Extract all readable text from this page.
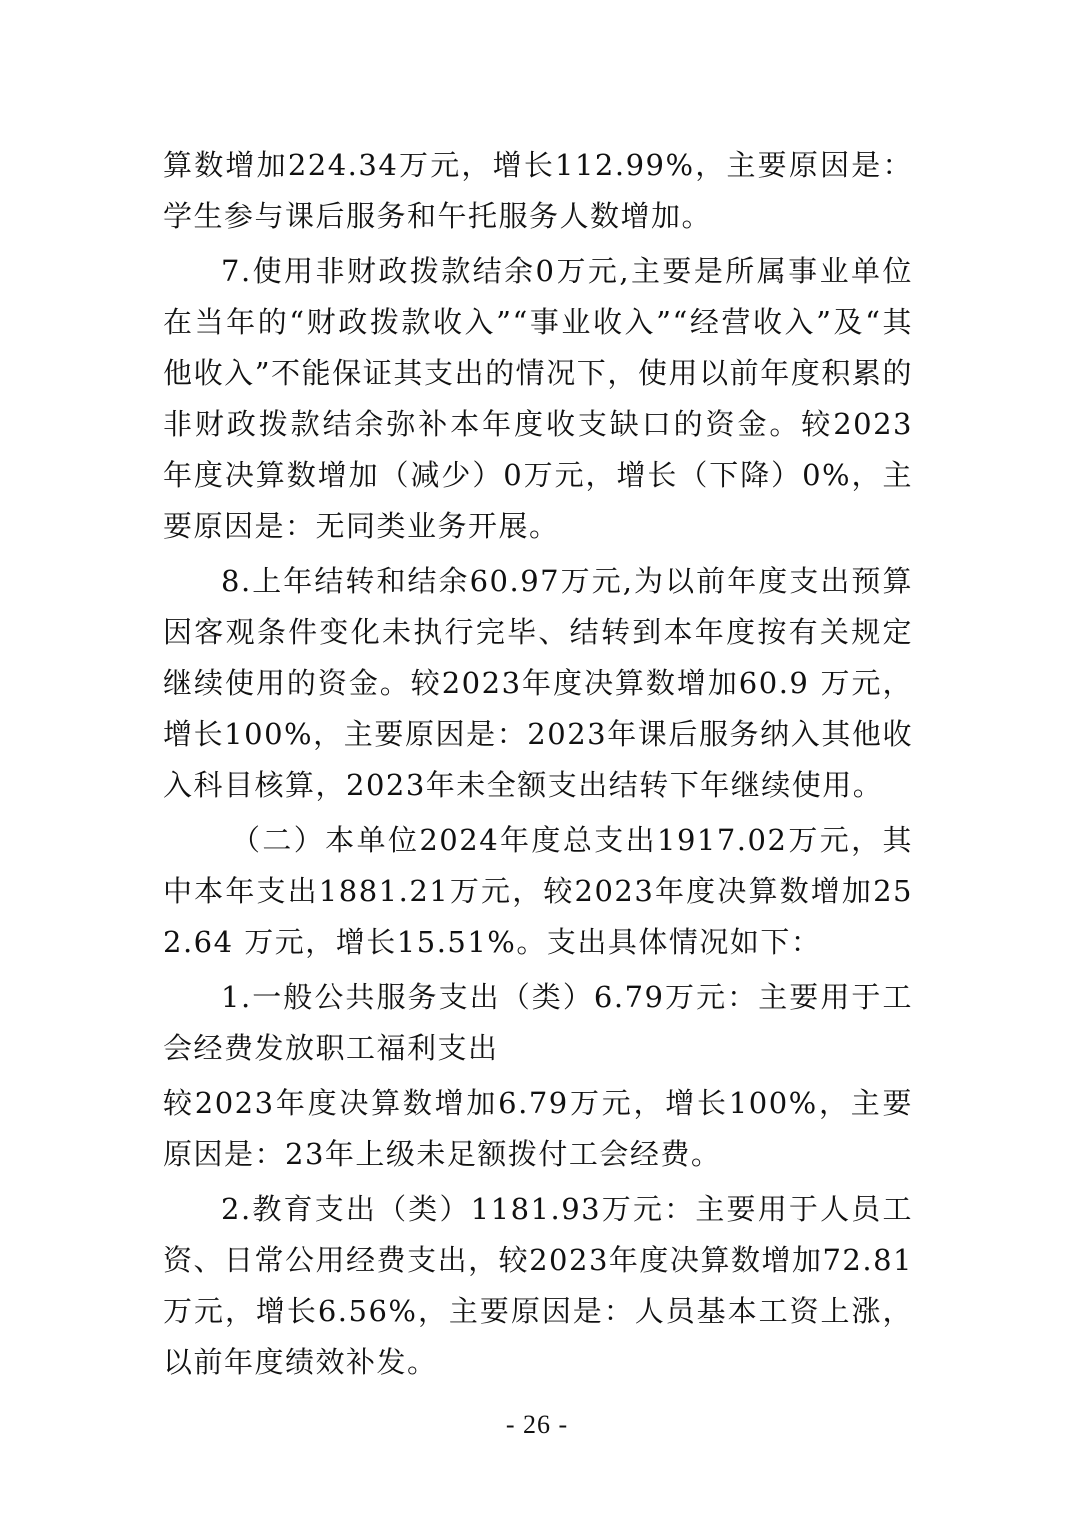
算数增加224.34万元，增长112.99%，主要原因是：学生参与课后服务和午托服务人数增加。

7.使用非财政拨款结余0万元,主要是所属事业单位在当年的“财政拨款收入”“事业收入”“经营收入”及“其他收入”不能保证其支出的情况下，使用以前年度积累的非财政拨款结余弥补本年度收支缺口的资金。较2023年度决算数增加（减少）0万元，增长（下降）0%，主要原因是：无同类业务开展。

8.上年结转和结余60.97万元,为以前年度支出预算因客观条件变化未执行完毕、结转到本年度按有关规定继续使用的资金。较2023年度决算数增加60.9 万元，增长100%，主要原因是：2023年课后服务纳入其他收入科目核算，2023年未全额支出结转下年继续使用。

（二）本单位2024年度总支出1917.02万元，其中本年支出1881.21万元，较2023年度决算数增加252.64 万元，增长15.51%。支出具体情况如下：

1.一般公共服务支出（类）6.79万元：主要用于工会经费发放职工福利支出

较2023年度决算数增加6.79万元，增长100%，主要原因是：23年上级未足额拨付工会经费。

2.教育支出（类）1181.93万元：主要用于人员工资、日常公用经费支出，较2023年度决算数增加72.81万元，增长6.56%，主要原因是：人员基本工资上涨，以前年度绩效补发。

- 26 -
